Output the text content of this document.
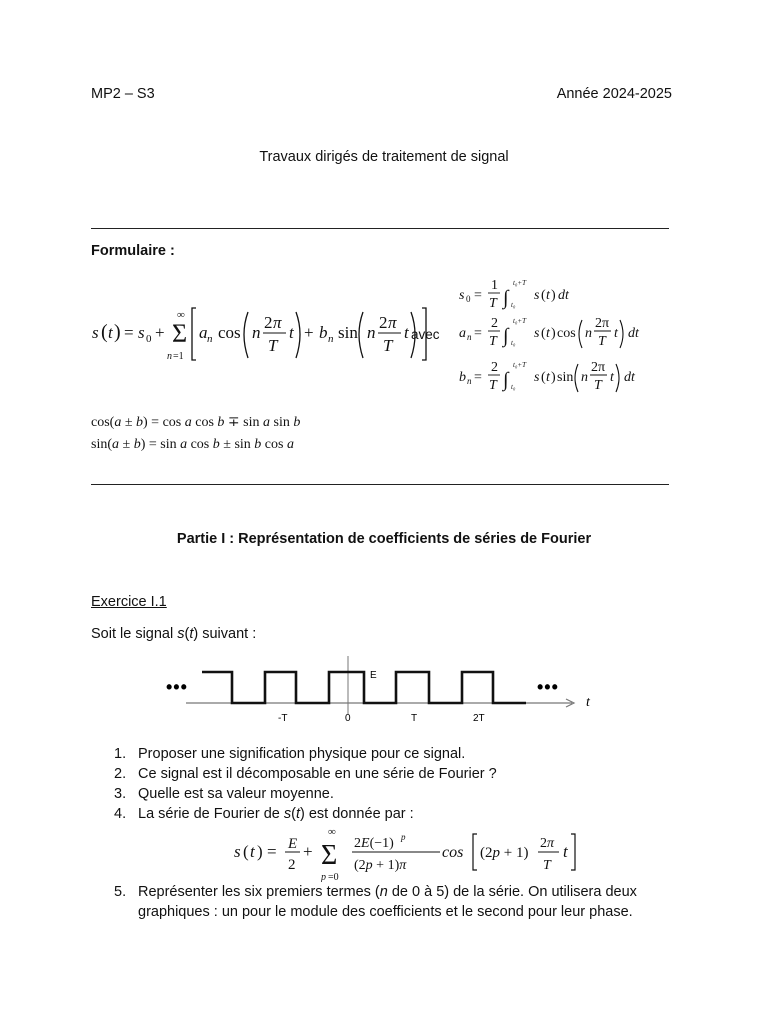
MP2 – S3	Année 2024-2025
Travaux dirigés de traitement de signal
Formulaire :
s ( t ) = s 0 + Σ
∞
n =1
a n cos n
2 π
T
t + b n sin n
2 π
T
t avec
s 0 =
1
T ∫
t₀+T
t₀
s ( t ) dt
a n =
2
T ∫
t₀+T
t₀
s ( t ) cos n
2π
T
t dt
b n =
2
T ∫
t₀+T
t₀
s ( t ) sin n
2π
T
t dt
cos(a ± b) = cos a cos b ∓ sin a sin b
sin(a ± b) = sin a cos b ± sin b cos a
Partie I : Représentation de coefficients de séries de Fourier
Exercice I.1
Soit le signal s(t) suivant :
•••	•••
t
E
-T	0	T	2T
1. Proposer une signification physique pour ce signal.
2. Ce signal est il décomposable en une série de Fourier ?
3. Quelle est sa valeur moyenne.
4. La série de Fourier de s(t) est donnée par :
s ( t ) = E
2
+ Σ
∞
p =0
2E(−1) p
(2p + 1)π
cos (2p + 1)
2π
T
t
5. Représenter les six premiers termes (n de 0 à 5) de la série. On utilisera deux graphiques : un pour le module des coefficients et le second pour leur phase.
